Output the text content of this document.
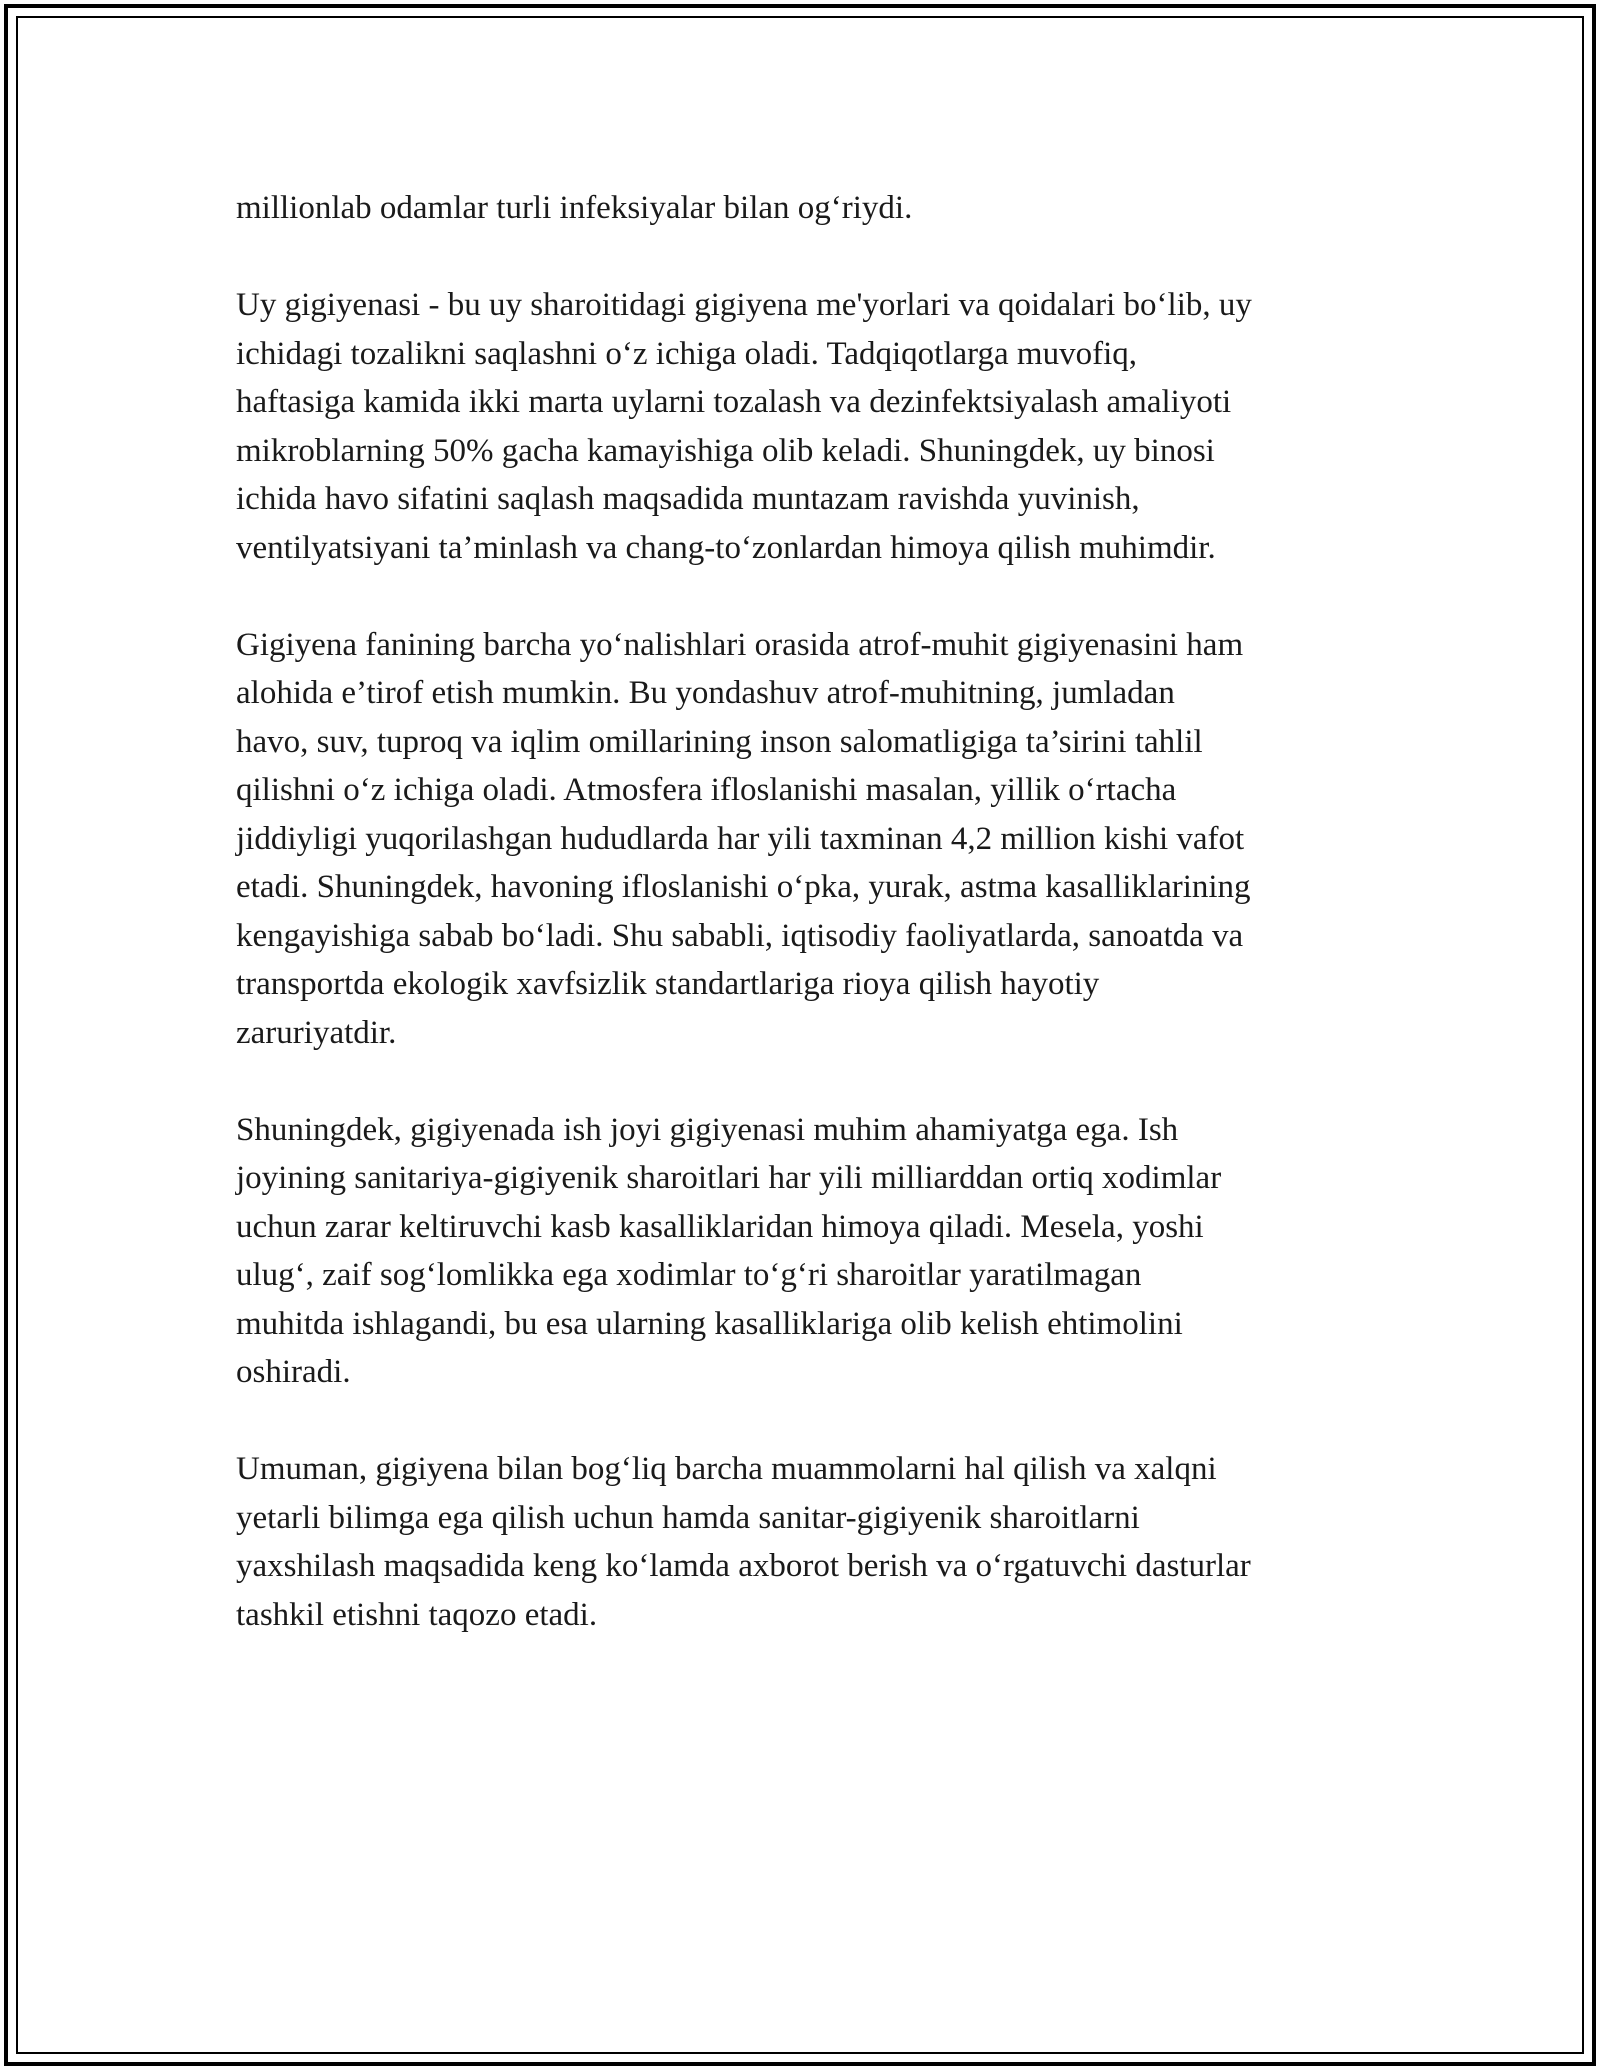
millionlab odamlar turli infeksiyalar bilan og‘riydi.

Uy gigiyenasi - bu uy sharoitidagi gigiyena me'yorlari va qoidalari bo‘lib, uy
ichidagi tozalikni saqlashni o‘z ichiga oladi. Tadqiqotlarga muvofiq,
haftasiga kamida ikki marta uylarni tozalash va dezinfektsiyalash amaliyoti
mikroblarning 50% gacha kamayishiga olib keladi. Shuningdek, uy binosi
ichida havo sifatini saqlash maqsadida muntazam ravishda yuvinish,
ventilyatsiyani ta’minlash va chang-to‘zonlardan himoya qilish muhimdir.

Gigiyena fanining barcha yo‘nalishlari orasida atrof-muhit gigiyenasini ham
alohida e’tirof etish mumkin. Bu yondashuv atrof-muhitning, jumladan
havo, suv, tuproq va iqlim omillarining inson salomatligiga ta’sirini tahlil
qilishni o‘z ichiga oladi. Atmosfera ifloslanishi masalan, yillik o‘rtacha
jiddiyligi yuqorilashgan hududlarda har yili taxminan 4,2 million kishi vafot
etadi. Shuningdek, havoning ifloslanishi o‘pka, yurak, astma kasalliklarining
kengayishiga sabab bo‘ladi. Shu sababli, iqtisodiy faoliyatlarda, sanoatda va
transportda ekologik xavfsizlik standartlariga rioya qilish hayotiy
zaruriyatdir.

Shuningdek, gigiyenada ish joyi gigiyenasi muhim ahamiyatga ega. Ish
joyining sanitariya-gigiyenik sharoitlari har yili milliarddan ortiq xodimlar
uchun zarar keltiruvchi kasb kasalliklaridan himoya qiladi. Mesela, yoshi
ulug‘, zaif sog‘lomlikka ega xodimlar to‘g‘ri sharoitlar yaratilmagan
muhitda ishlagandi, bu esa ularning kasalliklariga olib kelish ehtimolini
oshiradi.

Umuman, gigiyena bilan bog‘liq barcha muammolarni hal qilish va xalqni
yetarli bilimga ega qilish uchun hamda sanitar-gigiyenik sharoitlarni
yaxshilash maqsadida keng ko‘lamda axborot berish va o‘rgatuvchi dasturlar
tashkil etishni taqozo etadi.
